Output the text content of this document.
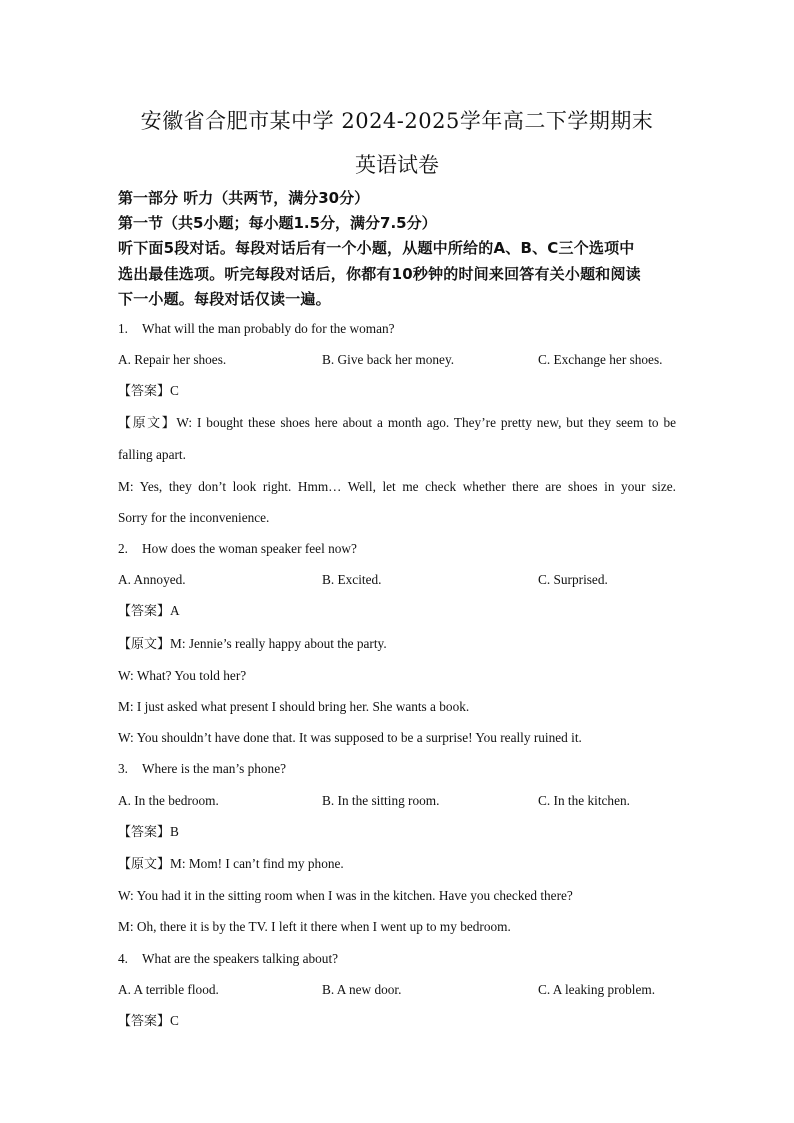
安徽省合肥市某中学 2024-2025学年高二下学期期末
英语试卷
第一部分 听力（共两节，满分30分）
第一节（共5小题；每小题1.5分，满分7.5分）
听下面5段对话。每段对话后有一个小题，从题中所给的A、B、C三个选项中
选出最佳选项。听完每段对话后，你都有10秒钟的时间来回答有关小题和阅读
下一小题。每段对话仅读一遍。
1. What will the man probably do for the woman?
A. Repair her shoes.	B. Give back her money.	C. Exchange her shoes.
【答案】C
【原文】W: I bought these shoes here about a month ago. They’re pretty new, but they seem to be
falling apart.
M: Yes, they don’t look right. Hmm… Well, let me check whether there are shoes in your size.
Sorry for the inconvenience.
2. How does the woman speaker feel now?
A. Annoyed.	B. Excited.	C. Surprised.
【答案】A
【原文】M: Jennie’s really happy about the party.
W: What? You told her?
M: I just asked what present I should bring her. She wants a book.
W: You shouldn’t have done that. It was supposed to be a surprise! You really ruined it.
3. Where is the man’s phone?
A. In the bedroom.	B. In the sitting room.	C. In the kitchen.
【答案】B
【原文】M: Mom! I can’t find my phone.
W: You had it in the sitting room when I was in the kitchen. Have you checked there?
M: Oh, there it is by the TV. I left it there when I went up to my bedroom.
4. What are the speakers talking about?
A. A terrible flood.	B. A new door.	C. A leaking problem.
【答案】C
